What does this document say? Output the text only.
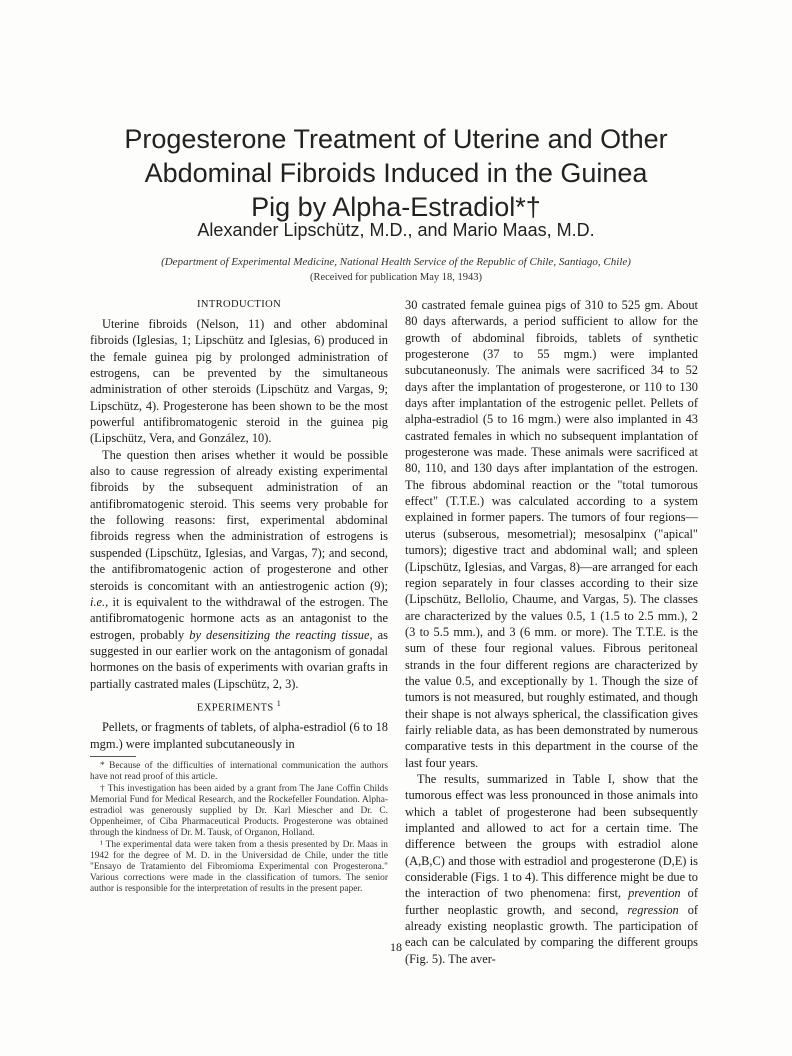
Progesterone Treatment of Uterine and Other
Abdominal Fibroids Induced in the Guinea
Pig by Alpha-Estradiol*†
Alexander Lipschütz, M.D., and Mario Maas, M.D.
(Department of Experimental Medicine, National Health Service of the Republic of Chile, Santiago, Chile)
(Received for publication May 18, 1943)
INTRODUCTION

Uterine fibroids (Nelson, 11) and other abdominal fibroids (Iglesias, 1; Lipschütz and Iglesias, 6) produced in the female guinea pig by prolonged administration of estrogens, can be prevented by the simultaneous administration of other steroids (Lipschütz and Vargas, 9; Lipschütz, 4). Progesterone has been shown to be the most powerful antifibromatogenic steroid in the guinea pig (Lipschütz, Vera, and González, 10).

The question then arises whether it would be possible also to cause regression of already existing experimental fibroids by the subsequent administration of an antifibromatogenic steroid. This seems very probable for the following reasons: first, experimental abdominal fibroids regress when the administration of estrogens is suspended (Lipschütz, Iglesias, and Vargas, 7); and second, the antifibromatogenic action of progesterone and other steroids is concomitant with an antiestrogenic action (9); i.e., it is equivalent to the withdrawal of the estrogen. The antifibromatogenic hormone acts as an antagonist to the estrogen, probably by desensitizing the reacting tissue, as suggested in our earlier work on the antagonism of gonadal hormones on the basis of experiments with ovarian grafts in partially castrated males (Lipschütz, 2, 3).

EXPERIMENTS $^1$

Pellets, or fragments of tablets, of alpha-estradiol (6 to 18 mgm.) were implanted subcutaneously in

* Because of the difficulties of international communication the authors have not read proof of this article.

† This investigation has been aided by a grant from The Jane Coffin Childs Memorial Fund for Medical Research, and the Rockefeller Foundation. Alpha-estradiol was generously supplied by Dr. Karl Miescher and Dr. C. Oppenheimer, of Ciba Pharmaceutical Products. Progesterone was obtained through the kindness of Dr. M. Tausk, of Organon, Holland.

¹ The experimental data were taken from a thesis presented by Dr. Maas in 1942 for the degree of M. D. in the Universidad de Chile, under the title "Ensayo de Tratamiento del Fibromioma Experimental con Progesterona." Various corrections were made in the classification of tumors. The senior author is responsible for the interpretation of results in the present paper.

30 castrated female guinea pigs of 310 to 525 gm. About 80 days afterwards, a period sufficient to allow for the growth of abdominal fibroids, tablets of synthetic progesterone (37 to 55 mgm.) were implanted subcutaneonusly. The animals were sacrificed 34 to 52 days after the implantation of progesterone, or 110 to 130 days after implantation of the estrogenic pellet. Pellets of alpha-estradiol (5 to 16 mgm.) were also implanted in 43 castrated females in which no subsequent implantation of progesterone was made. These animals were sacrificed at 80, 110, and 130 days after implantation of the estrogen. The fibrous abdominal reaction or the "total tumorous effect" (T.T.E.) was calculated according to a system explained in former papers. The tumors of four regions—uterus (subserous, mesometrial); mesosalpinx ("apical" tumors); digestive tract and abdominal wall; and spleen (Lipschütz, Iglesias, and Vargas, 8)—are arranged for each region separately in four classes according to their size (Lipschütz, Bellolio, Chaume, and Vargas, 5). The classes are characterized by the values 0.5, 1 (1.5 to 2.5 mm.), 2 (3 to 5.5 mm.), and 3 (6 mm. or more). The T.T.E. is the sum of these four regional values. Fibrous peritoneal strands in the four different regions are characterized by the value 0.5, and exceptionally by 1. Though the size of tumors is not measured, but roughly estimated, and though their shape is not always spherical, the classification gives fairly reliable data, as has been demonstrated by numerous comparative tests in this department in the course of the last four years.

The results, summarized in Table I, show that the tumorous effect was less pronounced in those animals into which a tablet of progesterone had been subsequently implanted and allowed to act for a certain time. The difference between the groups with estradiol alone (A,B,C) and those with estradiol and progesterone (D,E) is considerable (Figs. 1 to 4). This difference might be due to the interaction of two phenomena: first, prevention of further neoplastic growth, and second, regression of already existing neoplastic growth. The participation of each can be calculated by comparing the different groups (Fig. 5). The aver-

18
